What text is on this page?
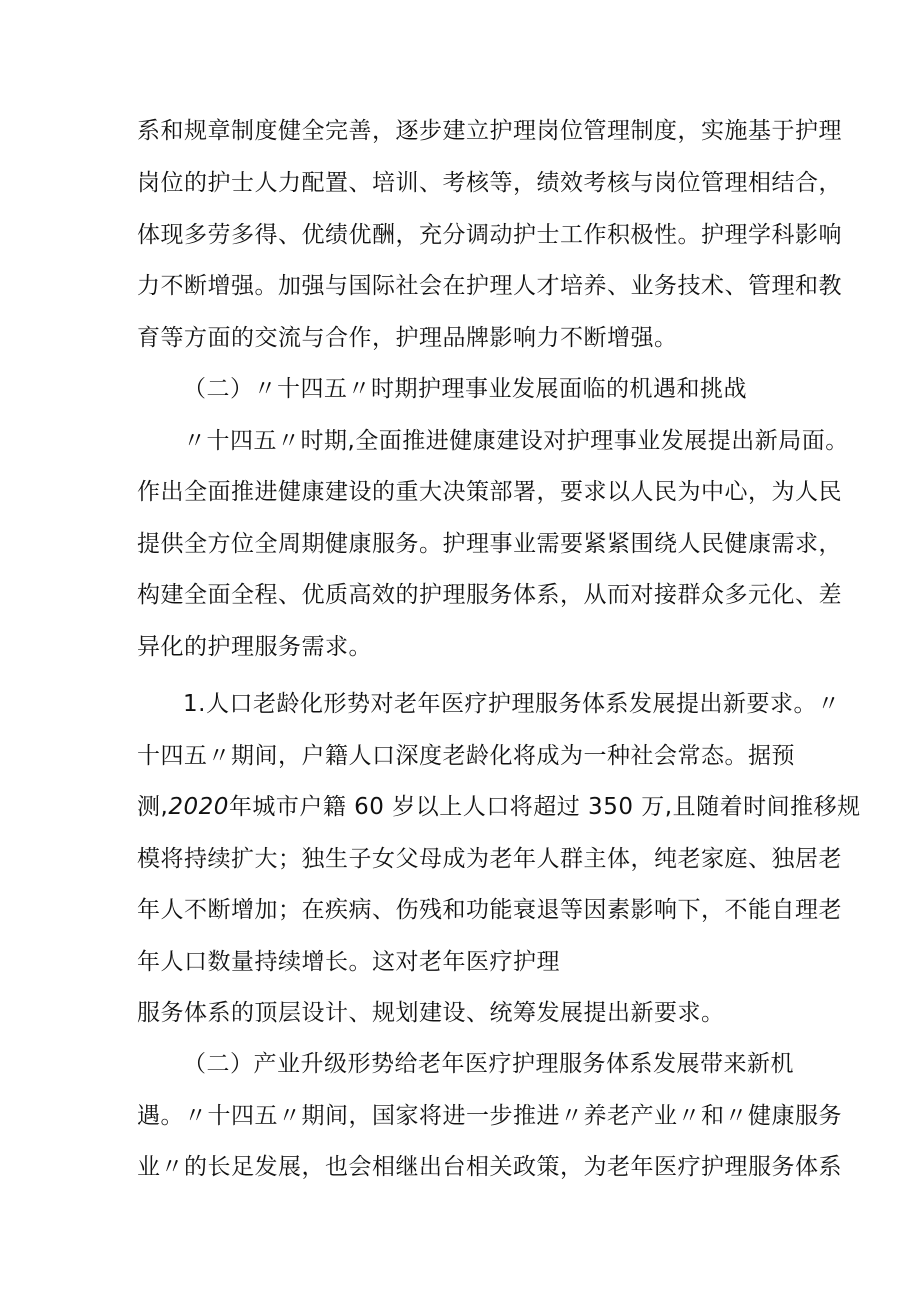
系和规章制度健全完善，逐步建立护理岗位管理制度，实施基于护理
岗位的护士人力配置、培训、考核等，绩效考核与岗位管理相结合，
体现多劳多得、优绩优酬，充分调动护士工作积极性。护理学科影响
力不断增强。加强与国际社会在护理人才培养、业务技术、管理和教
育等方面的交流与合作，护理品牌影响力不断增强。
（二）〃十四五〃时期护理事业发展面临的机遇和挑战
〃十四五〃时期,全面推进健康建设对护理事业发展提出新局面。
作出全面推进健康建设的重大决策部署，要求以人民为中心，为人民
提供全方位全周期健康服务。护理事业需要紧紧围绕人民健康需求，
构建全面全程、优质高效的护理服务体系，从而对接群众多元化、差
异化的护理服务需求。
1.人口老龄化形势对老年医疗护理服务体系发展提出新要求。〃
十四五〃期间，户籍人口深度老龄化将成为一种社会常态。据预
测,2020年城市户籍 60 岁以上人口将超过 350 万,且随着时间推移规
模将持续扩大；独生子女父母成为老年人群主体，纯老家庭、独居老
年人不断增加；在疾病、伤残和功能衰退等因素影响下，不能自理老
年人口数量持续增长。这对老年医疗护理
服务体系的顶层设计、规划建设、统筹发展提出新要求。
（二）产业升级形势给老年医疗护理服务体系发展带来新机
遇。〃十四五〃期间，国家将进一步推进〃养老产业〃和〃健康服务
业〃的长足发展，也会相继出台相关政策，为老年医疗护理服务体系
